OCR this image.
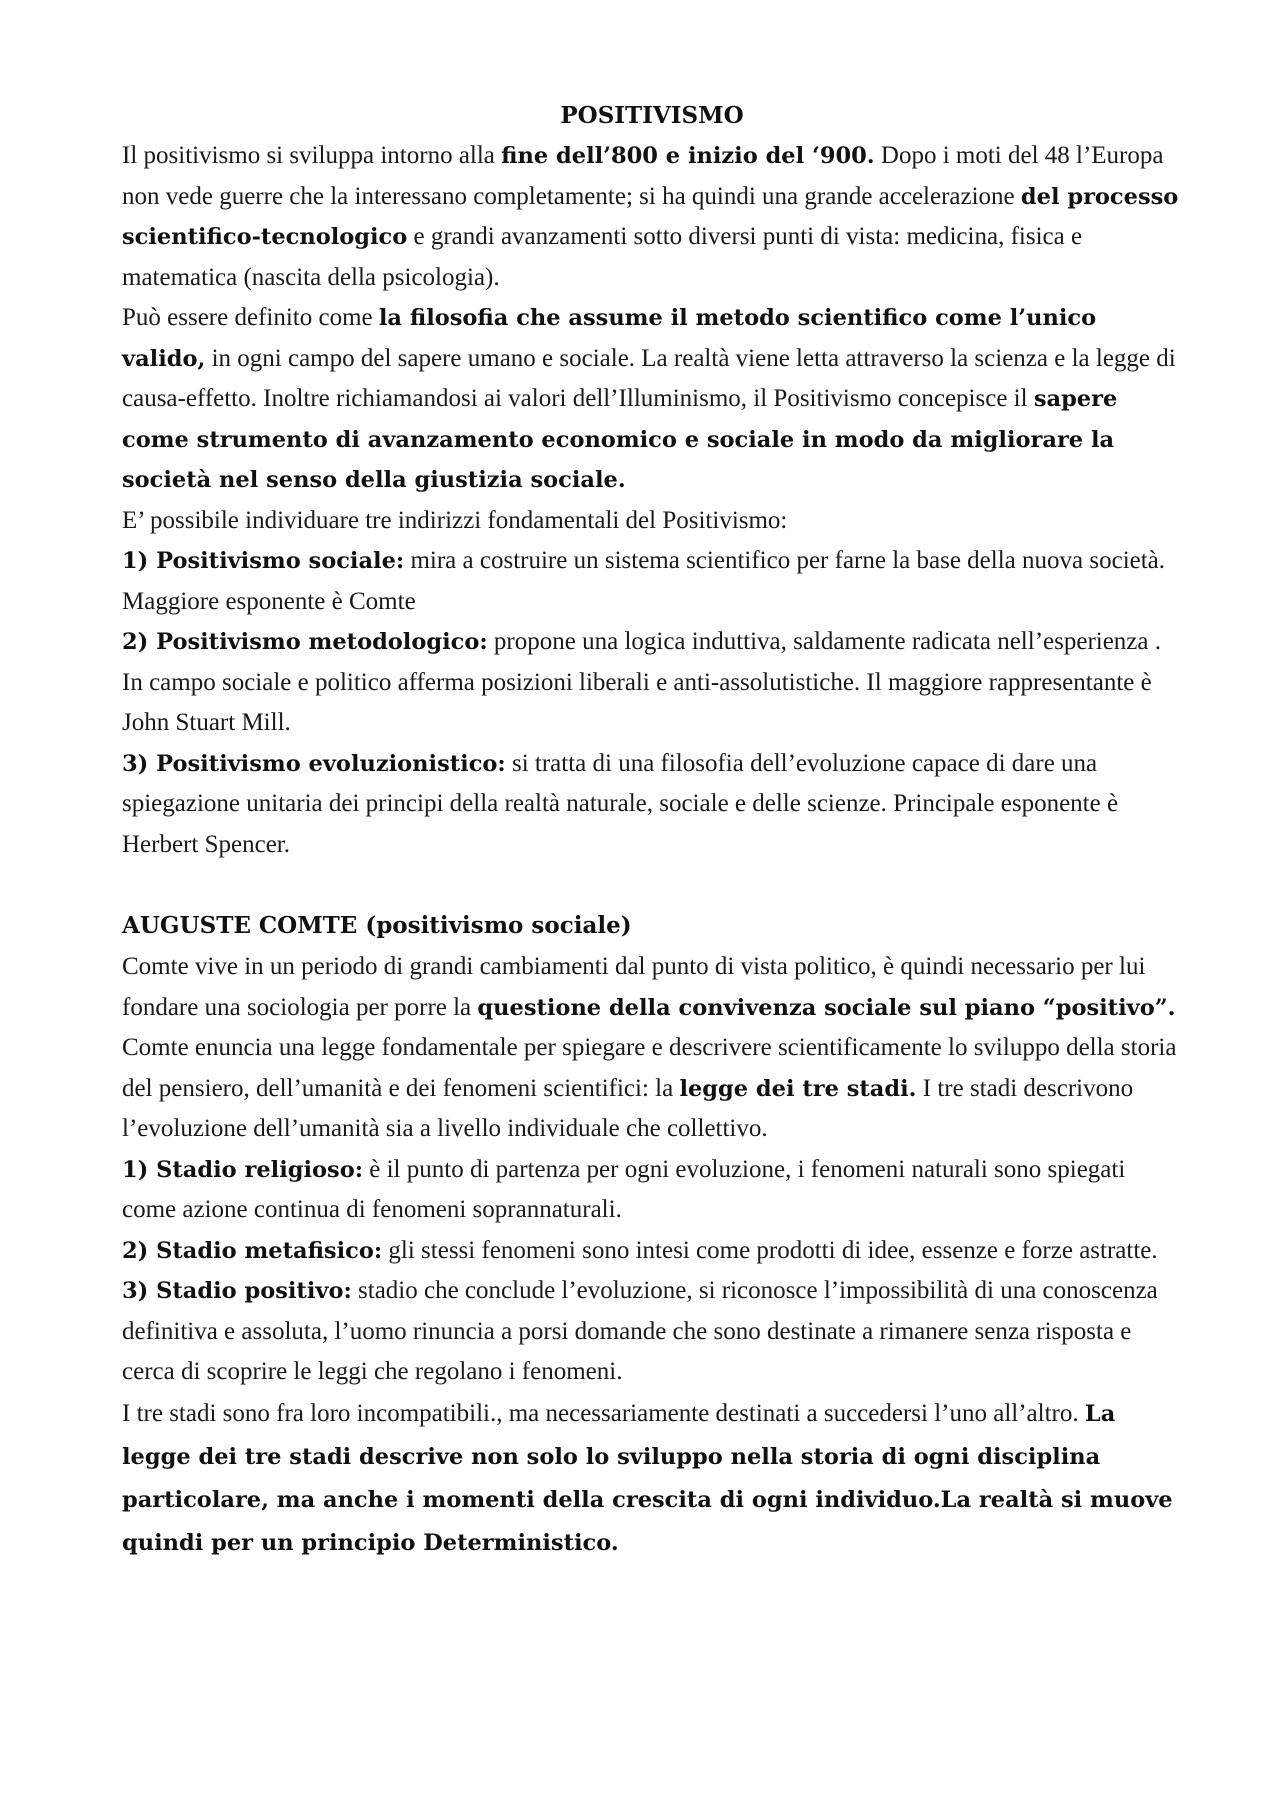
POSITIVISMO

Il positivismo si sviluppa intorno alla fine dell’800 e inizio del ‘900. Dopo i moti del 48 l’Europa non vede guerre che la interessano completamente; si ha quindi una grande accelerazione del processo scientifico-tecnologico e grandi avanzamenti sotto diversi punti di vista: medicina, fisica e matematica (nascita della psicologia).

Può essere definito come la filosofia che assume il metodo scientifico come l’unico valido, in ogni campo del sapere umano e sociale. La realtà viene letta attraverso la scienza e la legge di causa-effetto. Inoltre richiamandosi ai valori dell’Illuminismo, il Positivismo concepisce il sapere come strumento di avanzamento economico e sociale in modo da migliorare la società nel senso della giustizia sociale.

E’ possibile individuare tre indirizzi fondamentali del Positivismo:

1) Positivismo sociale: mira a costruire un sistema scientifico per farne la base della nuova società. Maggiore esponente è Comte

2) Positivismo metodologico: propone una logica induttiva, saldamente radicata nell’esperienza . In campo sociale e politico afferma posizioni liberali e anti-assolutistiche. Il maggiore rappresentante è John Stuart Mill.

3) Positivismo evoluzionistico: si tratta di una filosofia dell’evoluzione capace di dare una spiegazione unitaria dei principi della realtà naturale, sociale e delle scienze. Principale esponente è Herbert Spencer.

AUGUSTE COMTE (positivismo sociale)

Comte vive in un periodo di grandi cambiamenti dal punto di vista politico, è quindi necessario per lui fondare una sociologia per porre la questione della convivenza sociale sul piano “positivo”.

Comte enuncia una legge fondamentale per spiegare e descrivere scientificamente lo sviluppo della storia del pensiero, dell’umanità e dei fenomeni scientifici: la legge dei tre stadi. I tre stadi descrivono l’evoluzione dell’umanità sia a livello individuale che collettivo.

1) Stadio religioso: è il punto di partenza per ogni evoluzione, i fenomeni naturali sono spiegati come azione continua di fenomeni soprannaturali.

2) Stadio metafisico: gli stessi fenomeni sono intesi come prodotti di idee, essenze e forze astratte.

3) Stadio positivo: stadio che conclude l’evoluzione, si riconosce l’impossibilità di una conoscenza definitiva e assoluta, l’uomo rinuncia a porsi domande che sono destinate a rimanere senza risposta e cerca di scoprire le leggi che regolano i fenomeni.

I tre stadi sono fra loro incompatibili., ma necessariamente destinati a succedersi l’uno all’altro. La legge dei tre stadi descrive non solo lo sviluppo nella storia di ogni disciplina particolare, ma anche i momenti della crescita di ogni individuo.La realtà si muove quindi per un principio Deterministico.
